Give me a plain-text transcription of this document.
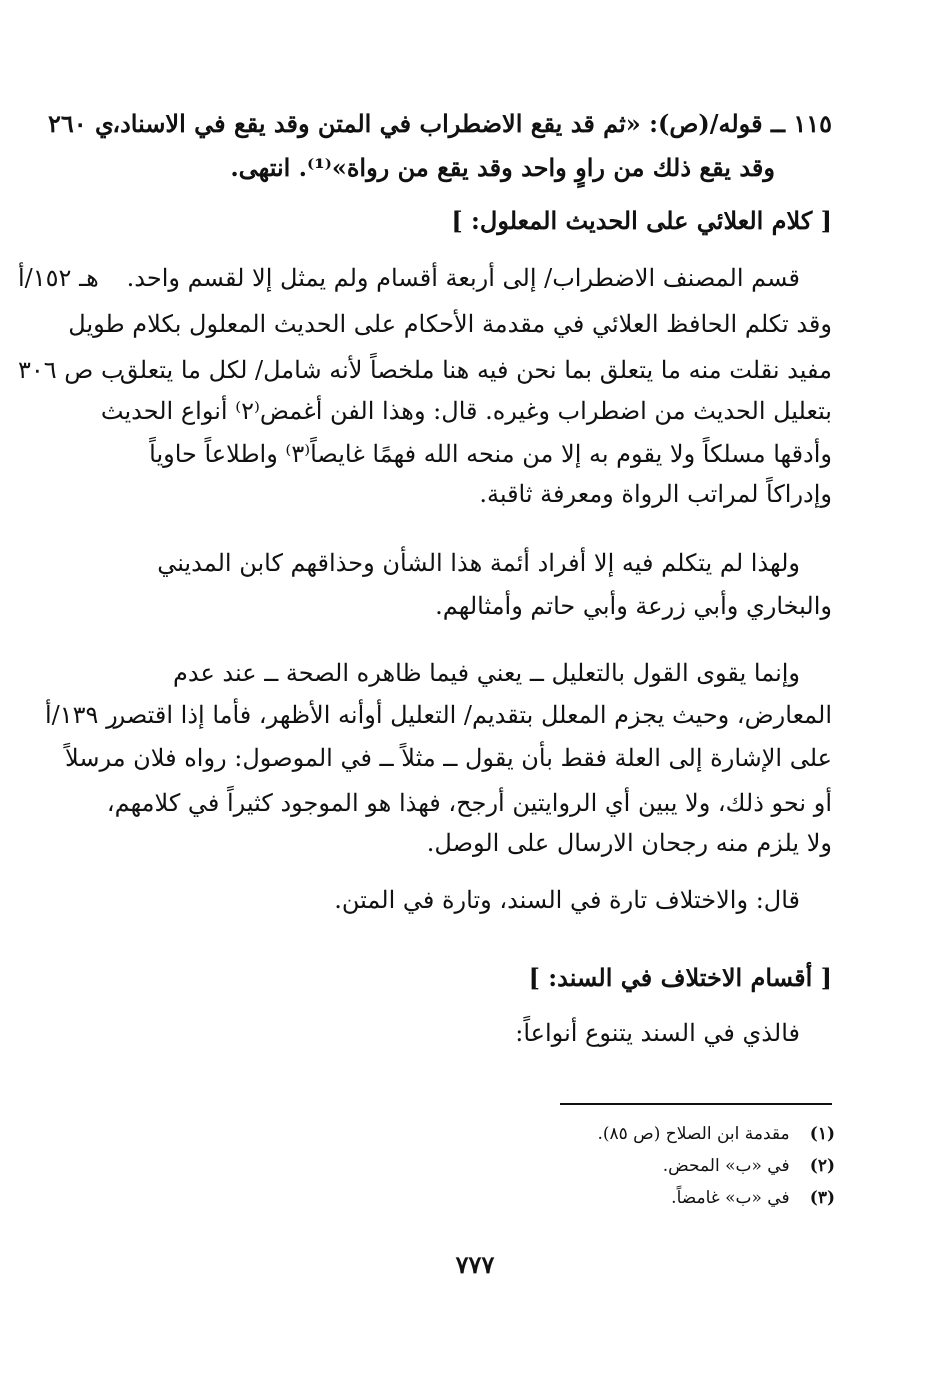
١١٥ ــ قوله/(ص): «ثم قد يقع الاضطراب في المتن وقد يقع في الاسناد،
ي ٢٦٠
وقد يقع ذلك من راوٍ واحد وقد يقع من رواة»⁽¹⁾. انتهى.
[ كلام العلائي على الحديث المعلول: ]
قسم المصنف الاضطراب/ إلى أربعة أقسام ولم يمثل إلا لقسم واحد.
هـ ١٥٢/أ
وقد تكلم الحافظ العلائي في مقدمة الأحكام على الحديث المعلول بكلام طويل
مفيد نقلت منه ما يتعلق بما نحن فيه هنا ملخصاً لأنه شامل/ لكل ما يتعلق
ب ص ٣٠٦
بتعليل الحديث من اضطراب وغيره. قال: وهذا الفن أغمض⁽٢⁾ أنواع الحديث
وأدقها مسلكاً ولا يقوم به إلا من منحه الله فهمًا غايصاً⁽٣⁾ واطلاعاً حاوياً
وإدراكاً لمراتب الرواة ومعرفة ثاقبة.
ولهذا لم يتكلم فيه إلا أفراد أئمة هذا الشأن وحذاقهم كابن المديني
والبخاري وأبي زرعة وأبي حاتم وأمثالهم.
وإنما يقوى القول بالتعليل ــ يعني فيما ظاهره الصحة ــ عند عدم
المعارض، وحيث يجزم المعلل بتقديم/ التعليل أوأنه الأظهر، فأما إذا اقتصر
ر ١٣٩/أ
على الإشارة إلى العلة فقط بأن يقول ــ مثلاً ــ في الموصول: رواه فلان مرسلاً
أو نحو ذلك، ولا يبين أي الروايتين أرجح، فهذا هو الموجود كثيراً في كلامهم،
ولا يلزم منه رجحان الارسال على الوصل.
قال: والاختلاف تارة في السند، وتارة في المتن.
[ أقسام الاختلاف في السند: ]
فالذي في السند يتنوع أنواعاً:
(١) مقدمة ابن الصلاح (ص ٨٥).
(٢) في «ب» المحض.
(٣) في «ب» غامضاً.
٧٧٧
